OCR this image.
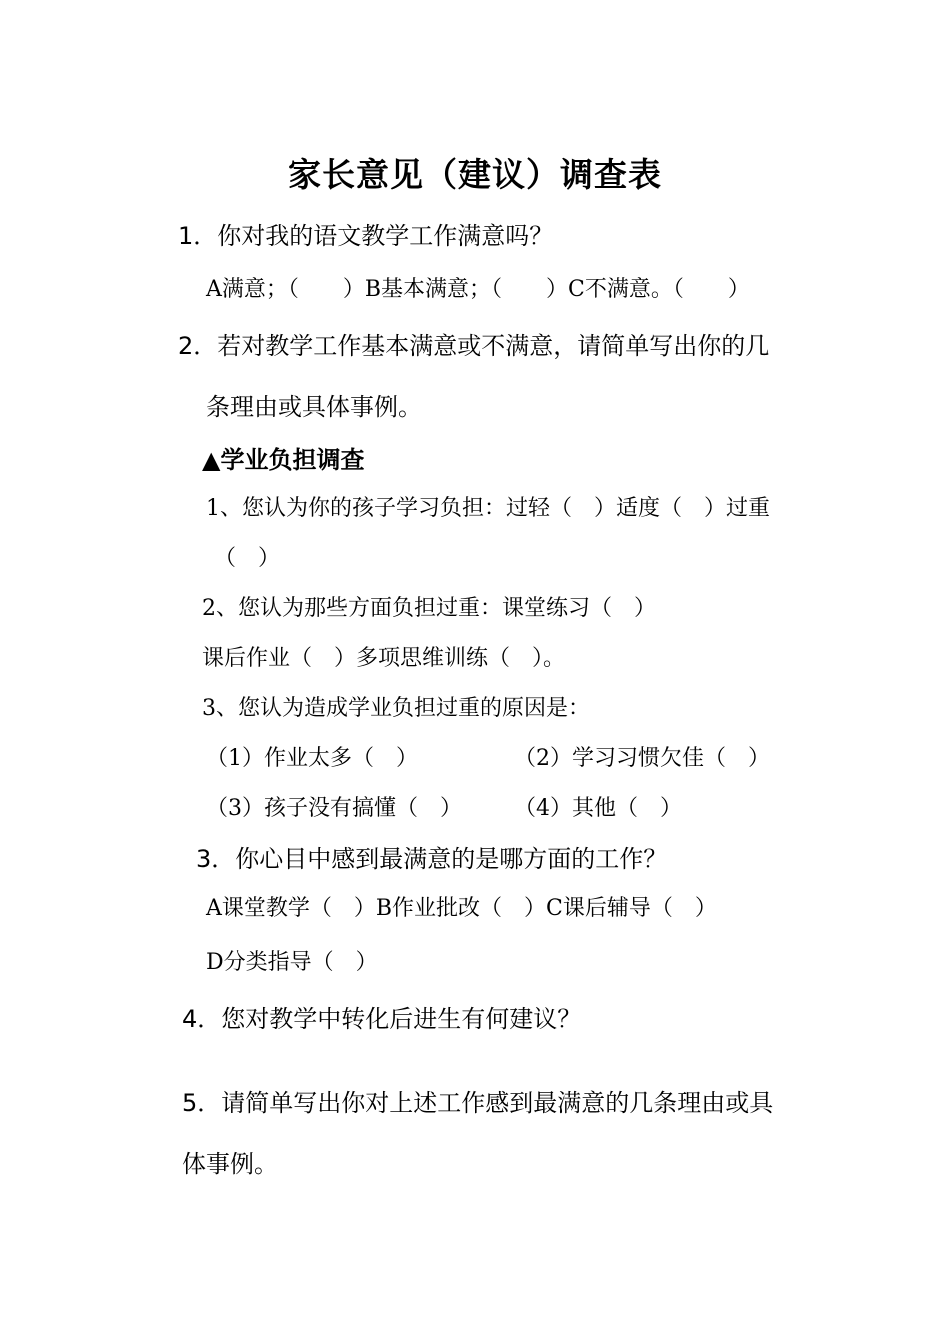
家长意见（建议）调查表
1．你对我的语文教学工作满意吗？
A满意；（　　）B基本满意；（　　）C不满意。（　　）
2．若对教学工作基本满意或不满意，请简单写出你的几
条理由或具体事例。
▲学业负担调查
1、您认为你的孩子学习负担：过轻（　）适度（　）过重
（　）
2、您认为那些方面负担过重：课堂练习（　）
课后作业（　）多项思维训练（　）。
3、您认为造成学业负担过重的原因是：
（1）作业太多（　）	（2）学习习惯欠佳（　）
（3）孩子没有搞懂（　） （4）其他（　）
3．你心目中感到最满意的是哪方面的工作？
A课堂教学（　）B作业批改（　）C课后辅导（　）
D分类指导（　）
4．您对教学中转化后进生有何建议？
5．请简单写出你对上述工作感到最满意的几条理由或具
体事例。
